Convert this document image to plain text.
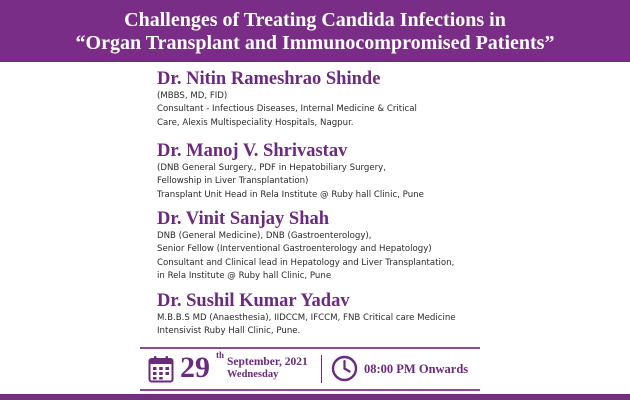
Challenges of Treating Candida Infections in
“Organ Transplant and Immunocompromised Patients”
Dr. Nitin Rameshrao Shinde
(MBBS, MD, FID)
Consultant - Infectious Diseases, Internal Medicine & Critical
Care, Alexis Multispeciality Hospitals, Nagpur.
Dr. Manoj V. Shrivastav
(DNB General Surgery., PDF in Hepatobiliary Surgery,
Fellowship in Liver Transplantation)
Transplant Unit Head in Rela Institute @ Ruby hall Clinic, Pune
Dr. Vinit Sanjay Shah
DNB (General Medicine), DNB (Gastroenterology),
Senior Fellow (Interventional Gastroenterology and Hepatology)
Consultant and Clinical lead in Hepatology and Liver Transplantation,
in Rela Institute @ Ruby hall Clinic, Pune
Dr. Sushil Kumar Yadav
M.B.B.S MD (Anaesthesia), IIDCCM, IFCCM, FNB Critical care Medicine
Intensivist Ruby Hall Clinic, Pune.
29 th
September, 2021
Wednesday	08:00 PM Onwards
